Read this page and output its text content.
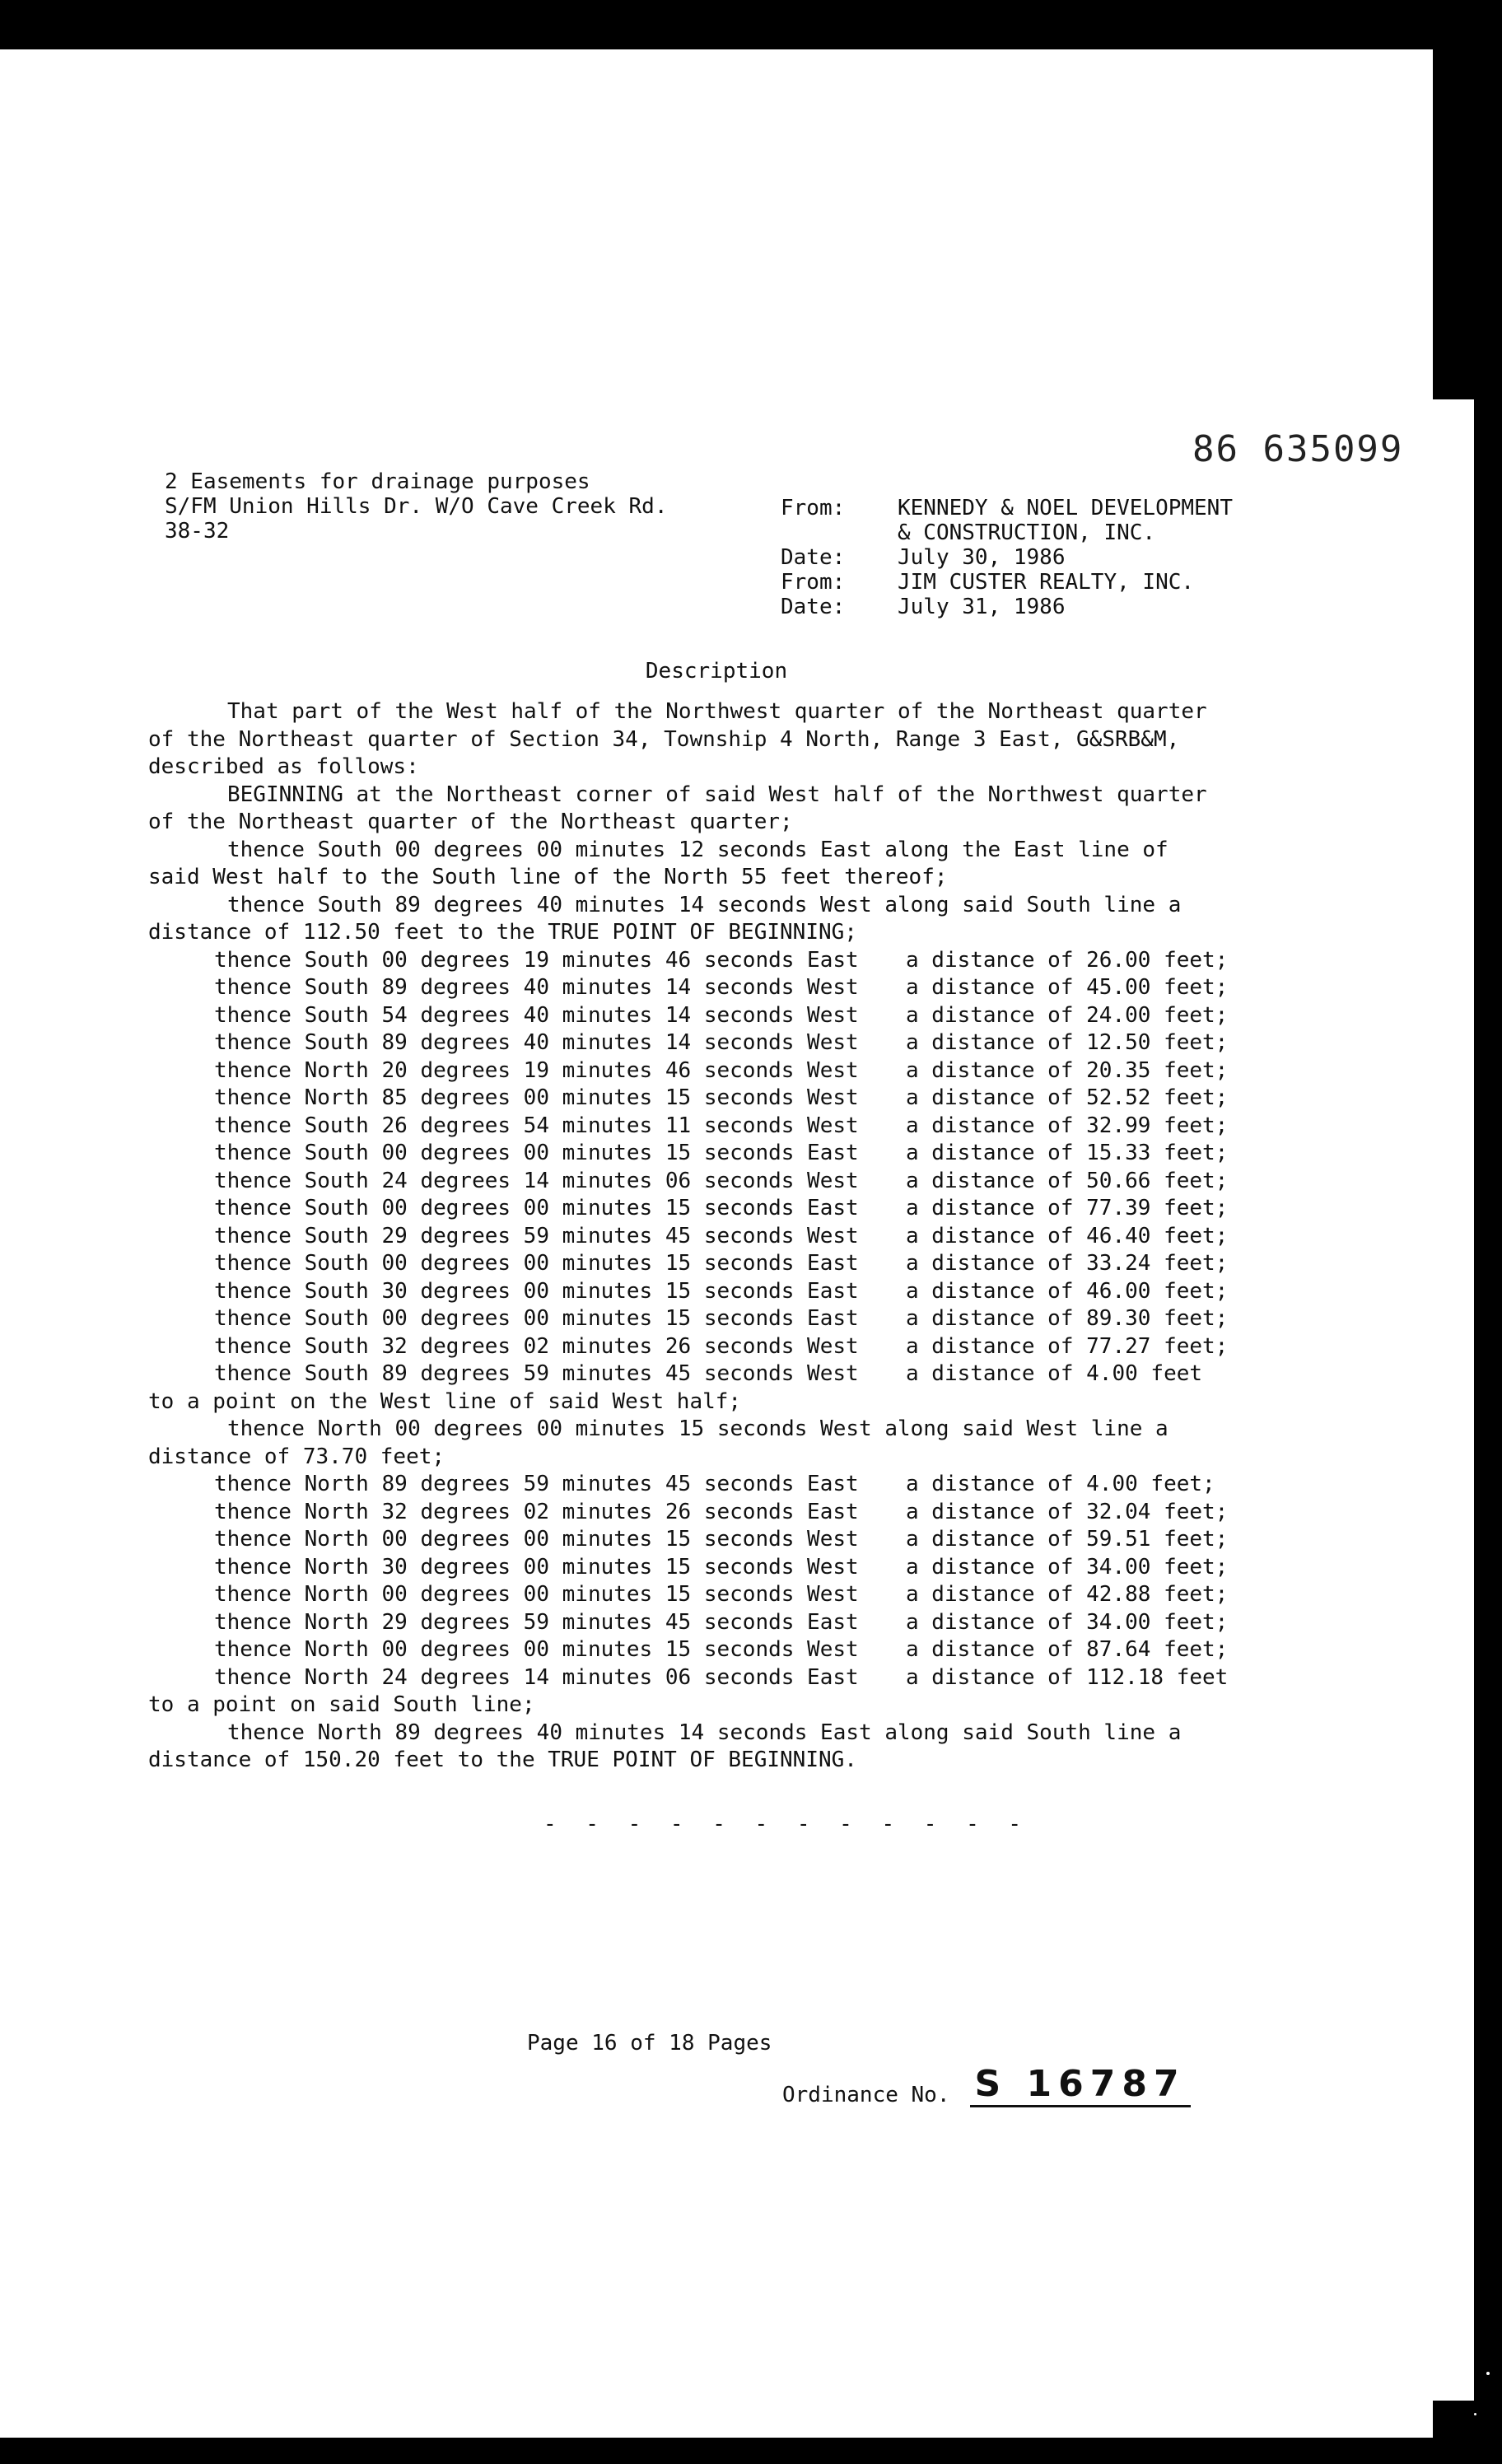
86 635099
2 Easements for drainage purposes
S/FM Union Hills Dr. W/O Cave Creek Rd.
38-32
From:	KENNEDY & NOEL DEVELOPMENT
& CONSTRUCTION, INC.
Date:	July 30, 1986
From:	JIM CUSTER REALTY, INC.
Date:	July 31, 1986
Description
That part of the West half of the Northwest quarter of the Northeast quarter
of the Northeast quarter of Section 34, Township 4 North, Range 3 East, G&SRB&M,
described as follows:
BEGINNING at the Northeast corner of said West half of the Northwest quarter
of the Northeast quarter of the Northeast quarter;
thence South 00 degrees 00 minutes 12 seconds East along the East line of
said West half to the South line of the North 55 feet thereof;
thence South 89 degrees 40 minutes 14 seconds West along said South line a
distance of 112.50 feet to the TRUE POINT OF BEGINNING;
thence South 00 degrees 19 minutes 46 seconds East	a distance of 26.00 feet;
thence South 89 degrees 40 minutes 14 seconds West	a distance of 45.00 feet;
thence South 54 degrees 40 minutes 14 seconds West	a distance of 24.00 feet;
thence South 89 degrees 40 minutes 14 seconds West	a distance of 12.50 feet;
thence North 20 degrees 19 minutes 46 seconds West	a distance of 20.35 feet;
thence North 85 degrees 00 minutes 15 seconds West	a distance of 52.52 feet;
thence South 26 degrees 54 minutes 11 seconds West	a distance of 32.99 feet;
thence South 00 degrees 00 minutes 15 seconds East	a distance of 15.33 feet;
thence South 24 degrees 14 minutes 06 seconds West	a distance of 50.66 feet;
thence South 00 degrees 00 minutes 15 seconds East	a distance of 77.39 feet;
thence South 29 degrees 59 minutes 45 seconds West	a distance of 46.40 feet;
thence South 00 degrees 00 minutes 15 seconds East	a distance of 33.24 feet;
thence South 30 degrees 00 minutes 15 seconds East	a distance of 46.00 feet;
thence South 00 degrees 00 minutes 15 seconds East	a distance of 89.30 feet;
thence South 32 degrees 02 minutes 26 seconds West	a distance of 77.27 feet;
thence South 89 degrees 59 minutes 45 seconds West	a distance of 4.00 feet
to a point on the West line of said West half;
thence North 00 degrees 00 minutes 15 seconds West along said West line a
distance of 73.70 feet;
thence North 89 degrees 59 minutes 45 seconds East	a distance of 4.00 feet;
thence North 32 degrees 02 minutes 26 seconds East	a distance of 32.04 feet;
thence North 00 degrees 00 minutes 15 seconds West	a distance of 59.51 feet;
thence North 30 degrees 00 minutes 15 seconds West	a distance of 34.00 feet;
thence North 00 degrees 00 minutes 15 seconds West	a distance of 42.88 feet;
thence North 29 degrees 59 minutes 45 seconds East	a distance of 34.00 feet;
thence North 00 degrees 00 minutes 15 seconds West	a distance of 87.64 feet;
thence North 24 degrees 14 minutes 06 seconds East	a distance of 112.18 feet
to a point on said South line;
thence North 89 degrees 40 minutes 14 seconds East along said South line a
distance of 150.20 feet to the TRUE POINT OF BEGINNING.
- - - - - - - - - - - -
Page 16 of 18 Pages
Ordinance No. S 16787
